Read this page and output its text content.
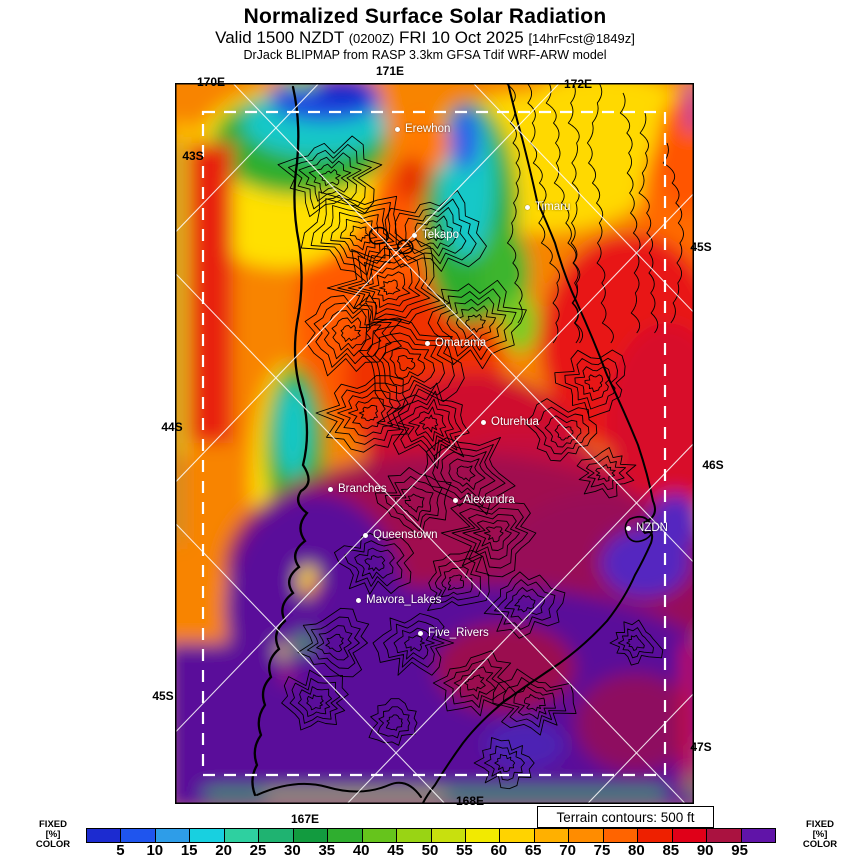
Normalized Surface Solar Radiation
Valid 1500 NZDT (0200Z) FRI 10 Oct 2025 [14hrFcst@1849z]
DrJack BLIPMAP from RASP 3.3km GFSA Tdif WRF-ARW model
Erewhon
Timaru
Tekapo
Omarama
Oturehua
Branches
Alexandra
Queenstown
NZDN
Mavora_Lakes
Five_Rivers
171E
170E	172E
43S
44S
45S
45S
46S
47S
167E
168E
Terrain contours: 500 ft
FIXED
[%]
COLOR	5 10 15 20 25 30 35 40 45 50 55 60 65 70 75 80 85 90 95
FIXED
[%]
COLOR
